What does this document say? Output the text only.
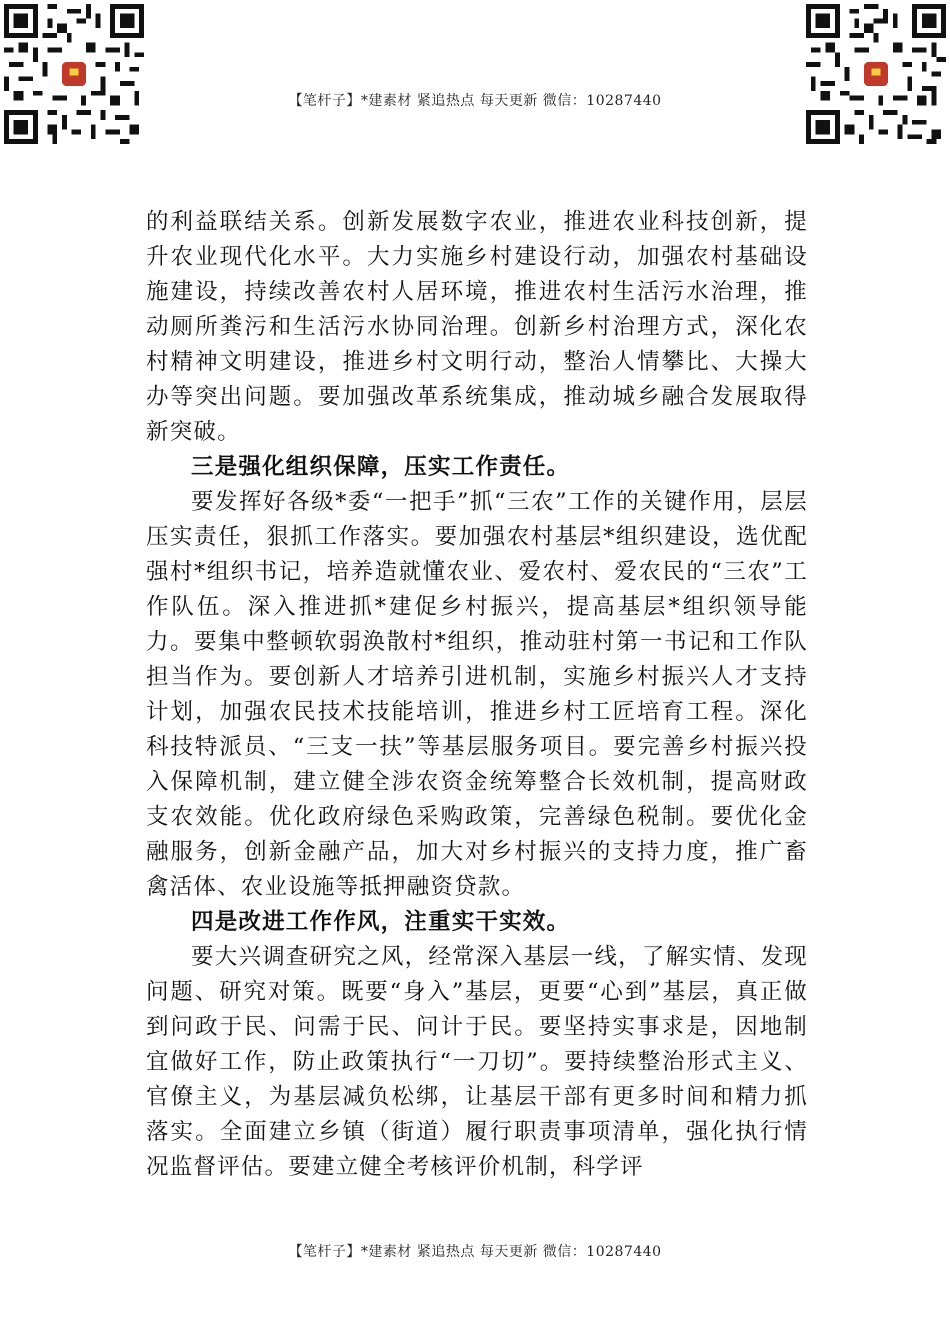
【笔杆子】*建素材 紧追热点 每天更新 微信：10287440

的利益联结关系。创新发展数字农业，推进农业科技创新，提升农业现代化水平。大力实施乡村建设行动，加强农村基础设施建设，持续改善农村人居环境，推进农村生活污水治理，推动厕所粪污和生活污水协同治理。创新乡村治理方式，深化农村精神文明建设，推进乡村文明行动，整治人情攀比、大操大办等突出问题。要加强改革系统集成，推动城乡融合发展取得新突破。

三是强化组织保障，压实工作责任。

要发挥好各级*委“一把手”抓“三农”工作的关键作用，层层压实责任，狠抓工作落实。要加强农村基层*组织建设，选优配强村*组织书记，培养造就懂农业、爱农村、爱农民的“三农”工作队伍。深入推进抓*建促乡村振兴，提高基层*组织领导能力。要集中整顿软弱涣散村*组织，推动驻村第一书记和工作队担当作为。要创新人才培养引进机制，实施乡村振兴人才支持计划，加强农民技术技能培训，推进乡村工匠培育工程。深化科技特派员、“三支一扶”等基层服务项目。要完善乡村振兴投入保障机制，建立健全涉农资金统筹整合长效机制，提高财政支农效能。优化政府绿色采购政策，完善绿色税制。要优化金融服务，创新金融产品，加大对乡村振兴的支持力度，推广畜禽活体、农业设施等抵押融资贷款。

四是改进工作作风，注重实干实效。

要大兴调查研究之风，经常深入基层一线，了解实情、发现问题、研究对策。既要“身入”基层，更要“心到”基层，真正做到问政于民、问需于民、问计于民。要坚持实事求是，因地制宜做好工作，防止政策执行“一刀切”。要持续整治形式主义、官僚主义，为基层减负松绑，让基层干部有更多时间和精力抓落实。全面建立乡镇（街道）履行职责事项清单，强化执行情况监督评估。要建立健全考核评价机制，科学评

【笔杆子】*建素材 紧追热点 每天更新 微信：10287440
